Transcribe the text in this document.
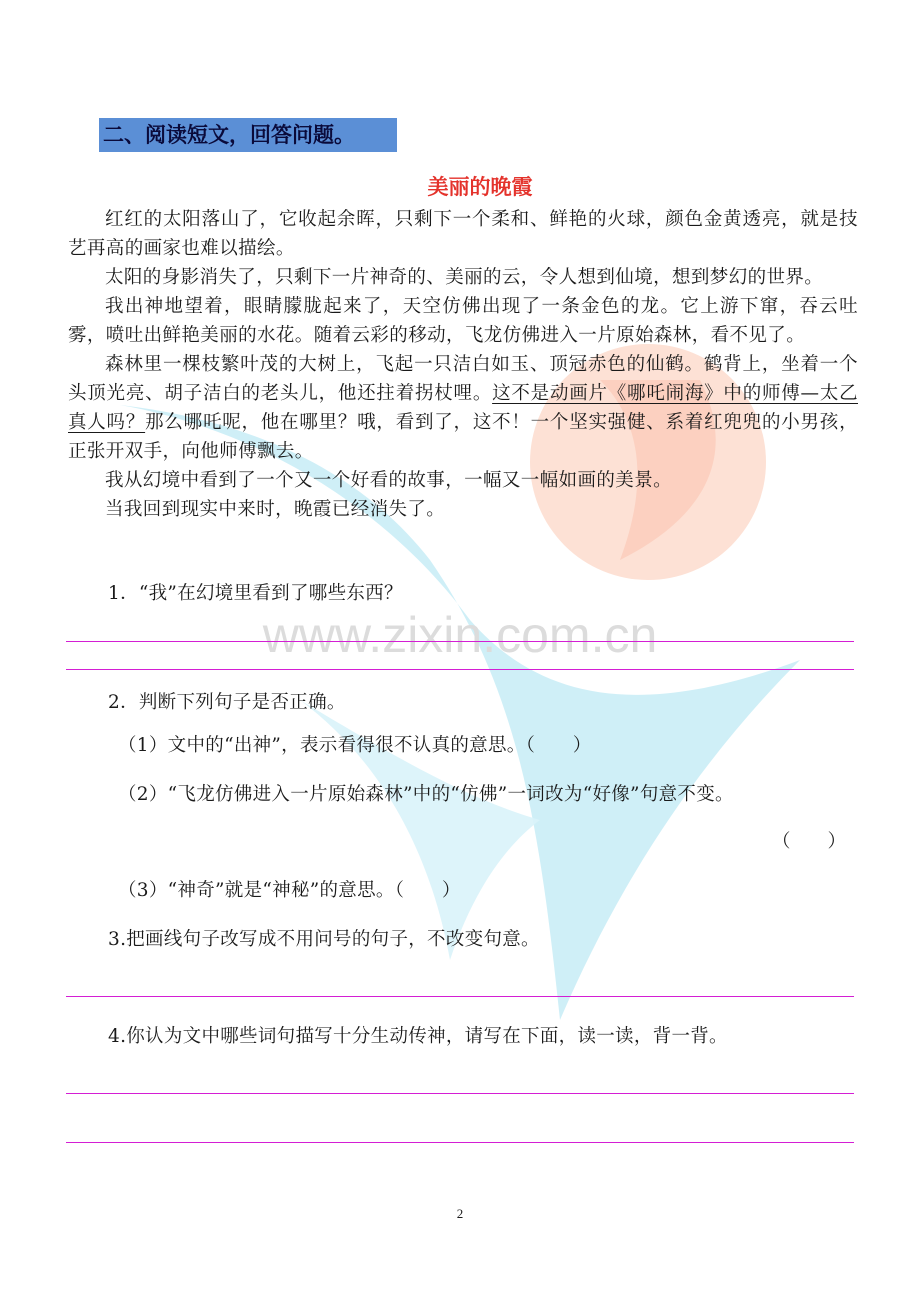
www.zixin.com.cn
二、阅读短文，回答问题。
美丽的晚霞

红红的太阳落山了，它收起余晖，只剩下一个柔和、鲜艳的火球，颜色金黄透亮，就是技艺再高的画家也难以描绘。

太阳的身影消失了，只剩下一片神奇的、美丽的云，令人想到仙境，想到梦幻的世界。

我出神地望着，眼睛朦胧起来了，天空仿佛出现了一条金色的龙。它上游下窜，吞云吐雾，喷吐出鲜艳美丽的水花。随着云彩的移动，飞龙仿佛进入一片原始森林，看不见了。

森林里一棵枝繁叶茂的大树上，飞起一只洁白如玉、顶冠赤色的仙鹤。鹤背上，坐着一个头顶光亮、胡子洁白的老头儿，他还拄着拐杖哩。这不是动画片《哪吒闹海》中的师傅—太乙真人吗？那么哪吒呢，他在哪里？哦，看到了，这不！一个坚实强健、系着红兜兜的小男孩，正张开双手，向他师傅飘去。

我从幻境中看到了一个又一个好看的故事，一幅又一幅如画的美景。

当我回到现实中来时，晚霞已经消失了。

1．“我”在幻境里看到了哪些东西？
2．判断下列句子是否正确。
（1）文中的“出神”，表示看得很不认真的意思。（　　）
（2）“飞龙仿佛进入一片原始森林”中的“仿佛”一词改为“好像”句意不变。
（　　）
（3）“神奇”就是“神秘”的意思。（　　）
3.把画线句子改写成不用问号的句子，不改变句意。
4.你认为文中哪些词句描写十分生动传神，请写在下面，读一读，背一背。
2
